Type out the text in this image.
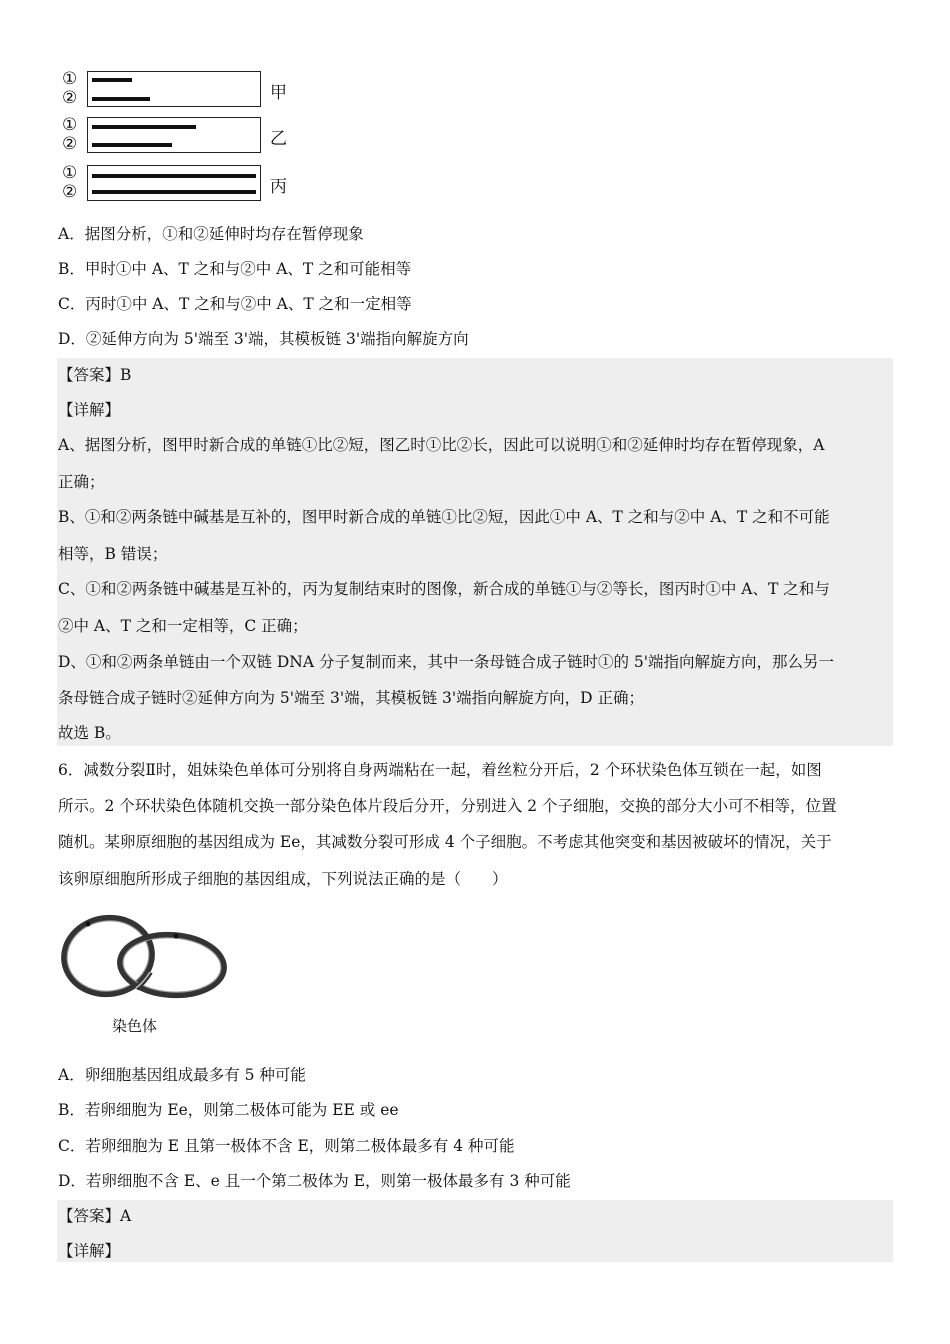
①
②	甲
①
②	乙
①
②	丙
A．据图分析，①和②延伸时均存在暂停现象
B．甲时①中 A、T 之和与②中 A、T 之和可能相等
C．丙时①中 A、T 之和与②中 A、T 之和一定相等
D．②延伸方向为 5'端至 3'端，其模板链 3'端指向解旋方向
【答案】B
【详解】
A、据图分析，图甲时新合成的单链①比②短，图乙时①比②长，因此可以说明①和②延伸时均存在暂停现象，A
正确；
B、①和②两条链中碱基是互补的，图甲时新合成的单链①比②短，因此①中 A、T 之和与②中 A、T 之和不可能
相等，B 错误；
C、①和②两条链中碱基是互补的，丙为复制结束时的图像，新合成的单链①与②等长，图丙时①中 A、T 之和与
②中 A、T 之和一定相等，C 正确；
D、①和②两条单链由一个双链 DNA 分子复制而来，其中一条母链合成子链时①的 5'端指向解旋方向，那么另一
条母链合成子链时②延伸方向为 5'端至 3'端，其模板链 3'端指向解旋方向，D 正确；
故选 B。
6．减数分裂Ⅱ时，姐妹染色单体可分别将自身两端粘在一起，着丝粒分开后，2 个环状染色体互锁在一起，如图
所示。2 个环状染色体随机交换一部分染色体片段后分开，分别进入 2 个子细胞，交换的部分大小可不相等，位置
随机。某卵原细胞的基因组成为 Ee，其减数分裂可形成 4 个子细胞。不考虑其他突变和基因被破坏的情况，关于
该卵原细胞所形成子细胞的基因组成，下列说法正确的是（　　）
染色体
A．卵细胞基因组成最多有 5 种可能
B．若卵细胞为 Ee，则第二极体可能为 EE 或 ee
C．若卵细胞为 E 且第一极体不含 E，则第二极体最多有 4 种可能
D．若卵细胞不含 E、e 且一个第二极体为 E，则第一极体最多有 3 种可能
【答案】A
【详解】
